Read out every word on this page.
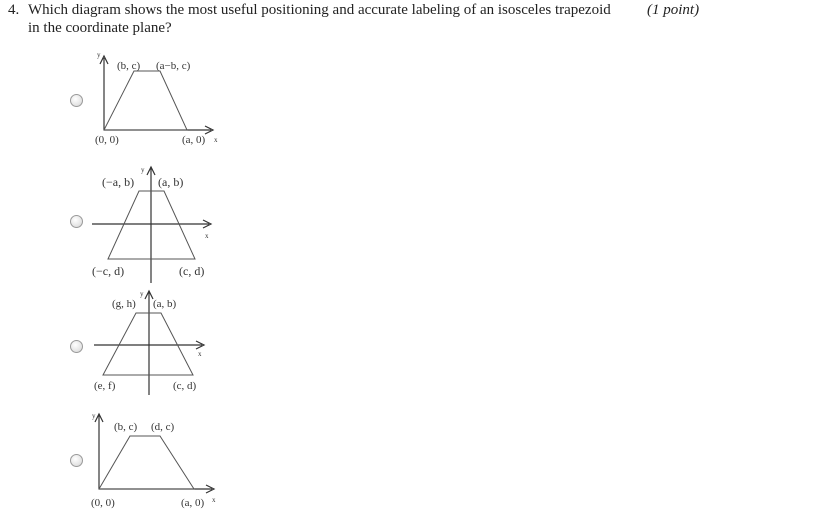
4. Which diagram shows the most useful positioning and accurate labeling of an isosceles trapezoid in the coordinate plane?
(1 point)
y
x
(b, c) (a−b, c)
(0, 0)	(a, 0)
y
x
(−a, b) (a, b)
(−c, d)	(c, d)
y
x
(g, h) (a, b)
(e, f)	(c, d)
y
x
(b, c) (d, c)
(0, 0)	(a, 0)
